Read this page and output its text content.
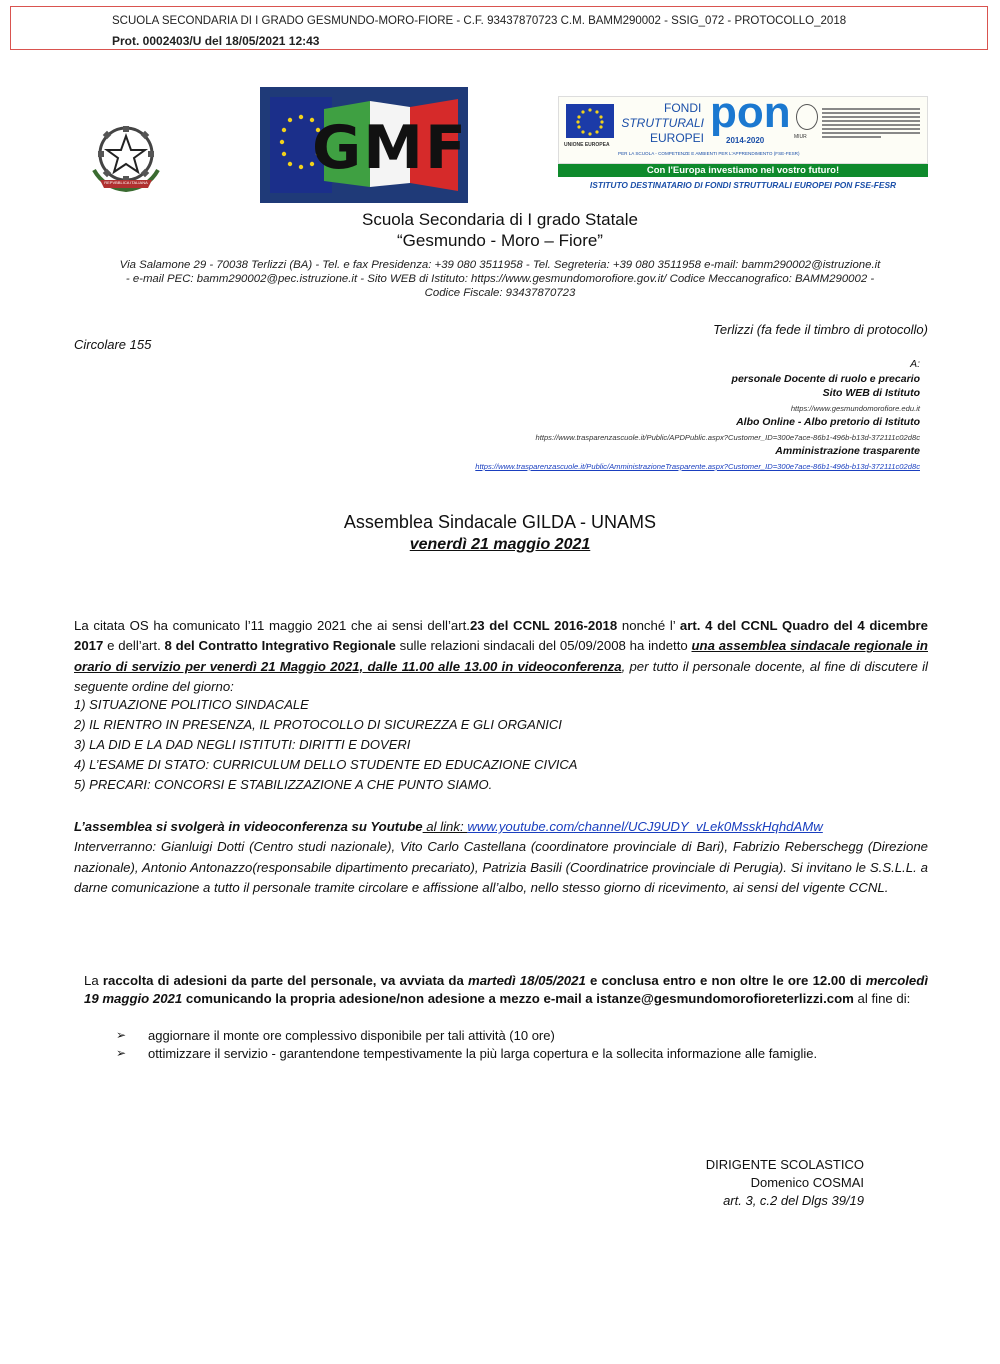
SCUOLA SECONDARIA DI I GRADO GESMUNDO-MORO-FIORE - C.F. 93437870723 C.M. BAMM290002 - SSIG_072 - PROTOCOLLO_2018
Prot. 0002403/U del 18/05/2021 12:43
REPVBBLICA ITALIANA	GMF	UNIONE EUROPEA
FONDI
STRUTTURALI
EUROPEI
pon
2014-2020	MIUR
PER LA SCUOLA - COMPETENZE E AMBIENTI PER L'APPRENDIMENTO (FSE-FESR)
Con l'Europa investiamo nel vostro futuro!
ISTITUTO DESTINATARIO DI FONDI STRUTTURALI EUROPEI PON FSE-FESR
Scuola Secondaria di I grado Statale
“Gesmundo - Moro – Fiore”
Via Salamone 29 - 70038 Terlizzi (BA) - Tel. e fax Presidenza: +39 080 3511958 - Tel. Segreteria: +39 080 3511958 e-mail: bamm290002@istruzione.it
- e-mail PEC: bamm290002@pec.istruzione.it - Sito WEB di Istituto: https://www.gesmundomorofiore.gov.it/ Codice Meccanografico: BAMM290002 -
Codice Fiscale: 93437870723
Terlizzi (fa fede il timbro di protocollo)
Circolare 155
A:
personale Docente di ruolo e precario
Sito WEB di Istituto
https://www.gesmundomorofiore.edu.it
Albo Online - Albo pretorio di Istituto
https://www.trasparenzascuole.it/Public/APDPublic.aspx?Customer_ID=300e7ace-86b1-496b-b13d-372111c02d8c
Amministrazione trasparente
https://www.trasparenzascuole.it/Public/AmministrazioneTrasparente.aspx?Customer_ID=300e7ace-86b1-496b-b13d-372111c02d8c
Assemblea Sindacale GILDA - UNAMS
venerdì 21 maggio 2021
La citata OS ha comunicato l’11 maggio 2021 che ai sensi dell’art.23 del CCNL 2016-2018 nonché l’ art. 4 del CCNL Quadro del 4 dicembre 2017 e dell’art. 8 del Contratto Integrativo Regionale sulle relazioni sindacali del 05/09/2008 ha indetto una assemblea sindacale regionale in orario di servizio per venerdì 21 Maggio 2021, dalle 11.00 alle 13.00 in videoconferenza, per tutto il personale docente, al fine di discutere il seguente ordine del giorno:
1) SITUAZIONE POLITICO SINDACALE
2) IL RIENTRO IN PRESENZA, IL PROTOCOLLO DI SICUREZZA E GLI ORGANICI
3) LA DID E LA DAD NEGLI ISTITUTI: DIRITTI E DOVERI
4) L’ESAME DI STATO: CURRICULUM DELLO STUDENTE ED EDUCAZIONE CIVICA
5) PRECARI: CONCORSI E STABILIZZAZIONE A CHE PUNTO SIAMO.
L’assemblea si svolgerà in videoconferenza su Youtube al link: www.youtube.com/channel/UCJ9UDY_vLek0MsskHqhdAMw
Interverranno: Gianluigi Dotti (Centro studi nazionale), Vito Carlo Castellana (coordinatore provinciale di Bari), Fabrizio Reberschegg (Direzione nazionale), Antonio Antonazzo(responsabile dipartimento precariato), Patrizia Basili (Coordinatrice provinciale di Perugia). Si invitano le S.S.L.L. a darne comunicazione a tutto il personale tramite circolare e affissione all’albo, nello stesso giorno di ricevimento, ai sensi del vigente CCNL.
La raccolta di adesioni da parte del personale, va avviata da martedì 18/05/2021 e conclusa entro e non oltre le ore 12.00 di mercoledì 19 maggio 2021 comunicando la propria adesione/non adesione a mezzo e-mail a istanze@gesmundomorofioreterlizzi.com al fine di:
➢ aggiornare il monte ore complessivo disponibile per tali attività (10 ore)
➢ ottimizzare il servizio - garantendone tempestivamente la più larga copertura e la sollecita informazione alle famiglie.
DIRIGENTE SCOLASTICO
Domenico COSMAI
art. 3, c.2 del Dlgs 39/19
